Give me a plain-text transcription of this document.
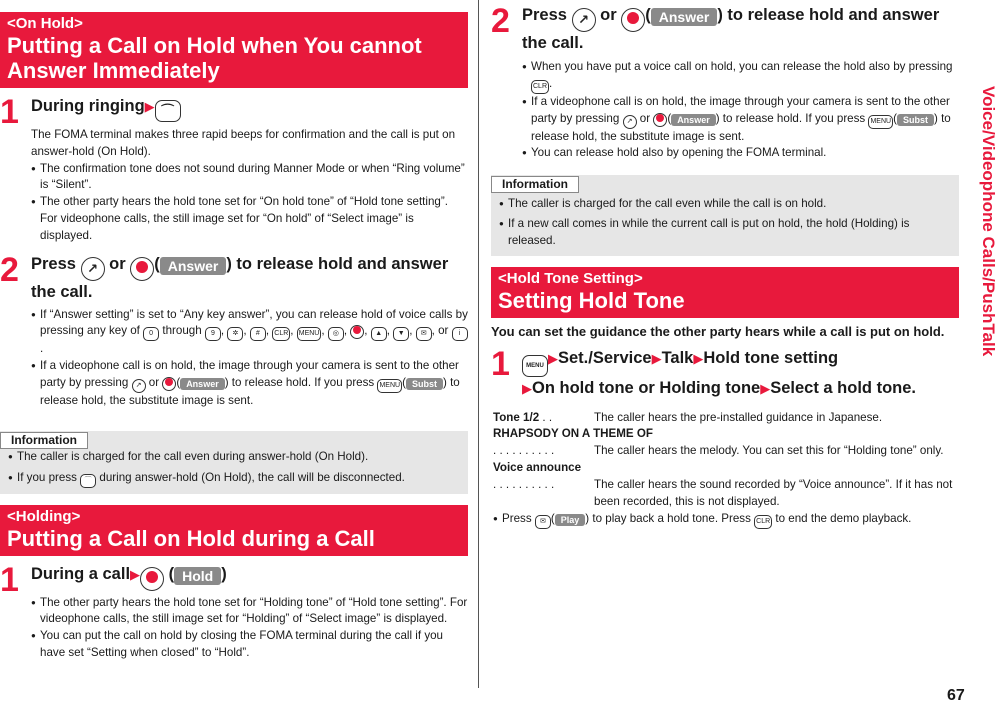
Voice/Videophone Calls/PushTalk
67
<On Hold>
Putting a Call on Hold when You cannot Answer Immediately
1 During ringing▶ ⌒
The FOMA terminal makes three rapid beeps for confirmation and the call is put on answer-hold (On Hold).
● The confirmation tone does not sound during Manner Mode or when “Ring volume” is “Silent”.
● The other party hears the hold tone set for “On hold tone” of “Hold tone setting”. For videophone calls, the still image set for “On hold” of “Select image” is displayed.
2 Press ↗ or ( Answer ) to release hold and answer the call.
● If “Answer setting” is set to “Any key answer”, you can release hold of voice calls by pressing any key of 0 through 9 , ✲ , # , CLR , MENU , ◎ , , ▲ , ▼ , ✉ , or i.
● If a videophone call is on hold, the image through your camera is sent to the other party by pressing ↗ or ( Answer ) to release hold. If you press MENU ( Subst ) to release hold, the substitute image is sent.
Information
● The caller is charged for the call even during answer-hold (On Hold).
● If you press ⌒ during answer-hold (On Hold), the call will be disconnected.
<Holding>
Putting a Call on Hold during a Call
1 During a call▶ ( Hold )
● The other party hears the hold tone set for “Holding tone” of “Hold tone setting”. For videophone calls, the still image set for “Holding” of “Select image” is displayed.
● You can put the call on hold by closing the FOMA terminal during the call if you have set “Setting when closed” to “Hold”.
2 Press ↗ or ( Answer ) to release hold and answer the call.
● When you have put a voice call on hold, you can release the hold also by pressing CLR .
● If a videophone call is on hold, the image through your camera is sent to the other party by pressing ↗ or ( Answer ) to release hold. If you press MENU ( Subst ) to release hold, the substitute image is sent.
● You can release hold also by opening the FOMA terminal.
Information
● The caller is charged for the call even while the call is on hold.
● If a new call comes in while the current call is put on hold, the hold (Holding) is released.
<Hold Tone Setting>
Setting Hold Tone
You can set the guidance the other party hears while a call is put on hold.
1	MENU ▶Set./Service▶Talk▶Hold tone setting
▶On hold tone or Holding tone▶Select a hold tone.
Tone 1/2 . .	The caller hears the pre-installed guidance in Japanese.
RHAPSODY ON A THEME OF
. . . . . . . . . .	The caller hears the melody. You can set this for “Holding tone” only.
Voice announce
. . . . . . . . . .	The caller hears the sound recorded by “Voice announce”. If it has not been recorded, this is not displayed.
● Press ✉ ( Play ) to play back a hold tone. Press CLR to end the demo playback.
